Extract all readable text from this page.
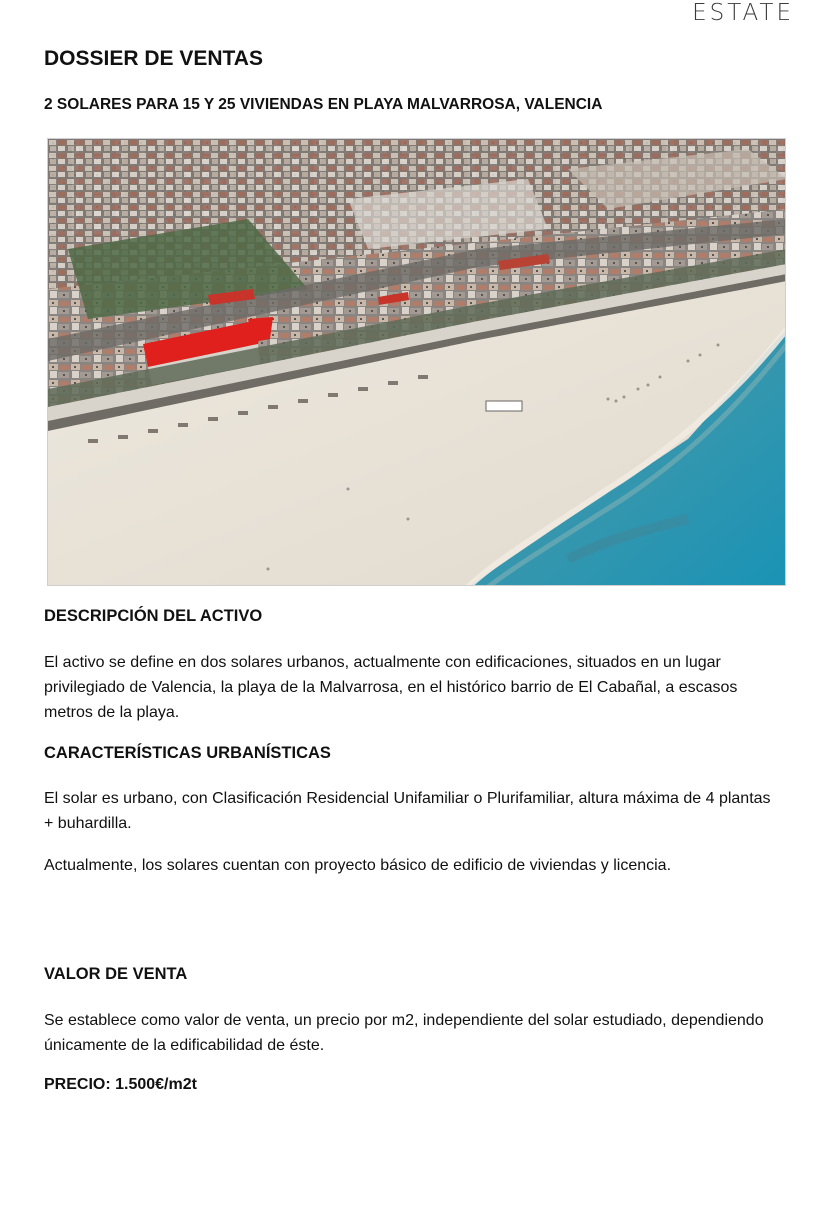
ESTATE
DOSSIER DE VENTAS
2 SOLARES PARA 15 Y 25 VIVIENDAS EN PLAYA MALVARROSA, VALENCIA
DESCRIPCIÓN DEL ACTIVO

El activo se define en dos solares urbanos, actualmente con edificaciones, situados en un lugar privilegiado de Valencia, la playa de la Malvarrosa, en el histórico barrio de El Cabañal, a escasos metros de la playa.

CARACTERÍSTICAS URBANÍSTICAS

El solar es urbano, con Clasificación Residencial Unifamiliar o Plurifamiliar, altura máxima de 4 plantas + buhardilla.

Actualmente, los solares cuentan con proyecto básico de edificio de viviendas y licencia.

VALOR DE VENTA

Se establece como valor de venta, un precio por m2, independiente del solar estudiado, dependiendo únicamente de la edificabilidad de éste.

PRECIO: 1.500€/m2t
